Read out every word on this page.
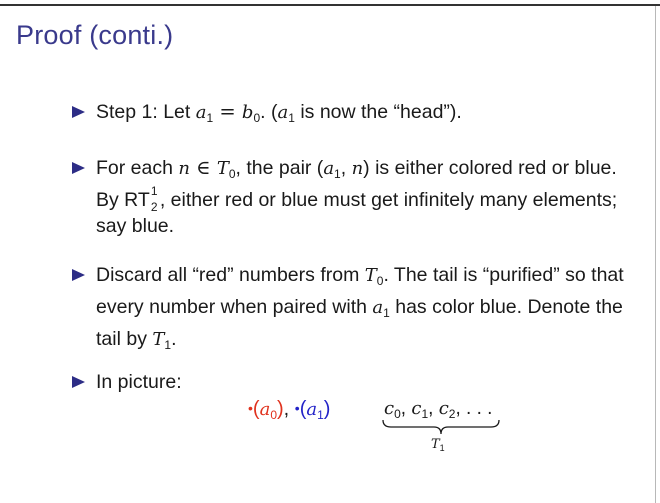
Proof (conti.)
Step 1: Let $a_1 = b_0$. ($a_1$ is now the “head”).
For each n ∈ $T_0$, the pair ($a_1$, n) is either colored red or blue. By RT 1
2 , either red or blue must get infinitely many elements; say blue.
Discard all “red” numbers from $T_0$. The tail is “purified” so that every number when paired with $a_1$ has color blue. Denote the tail by $T_1$.
In picture:
$•(a_0)$, $•(a_1)$	$c_0$, $c_1$, $c_2$, . . .
$T_1$
